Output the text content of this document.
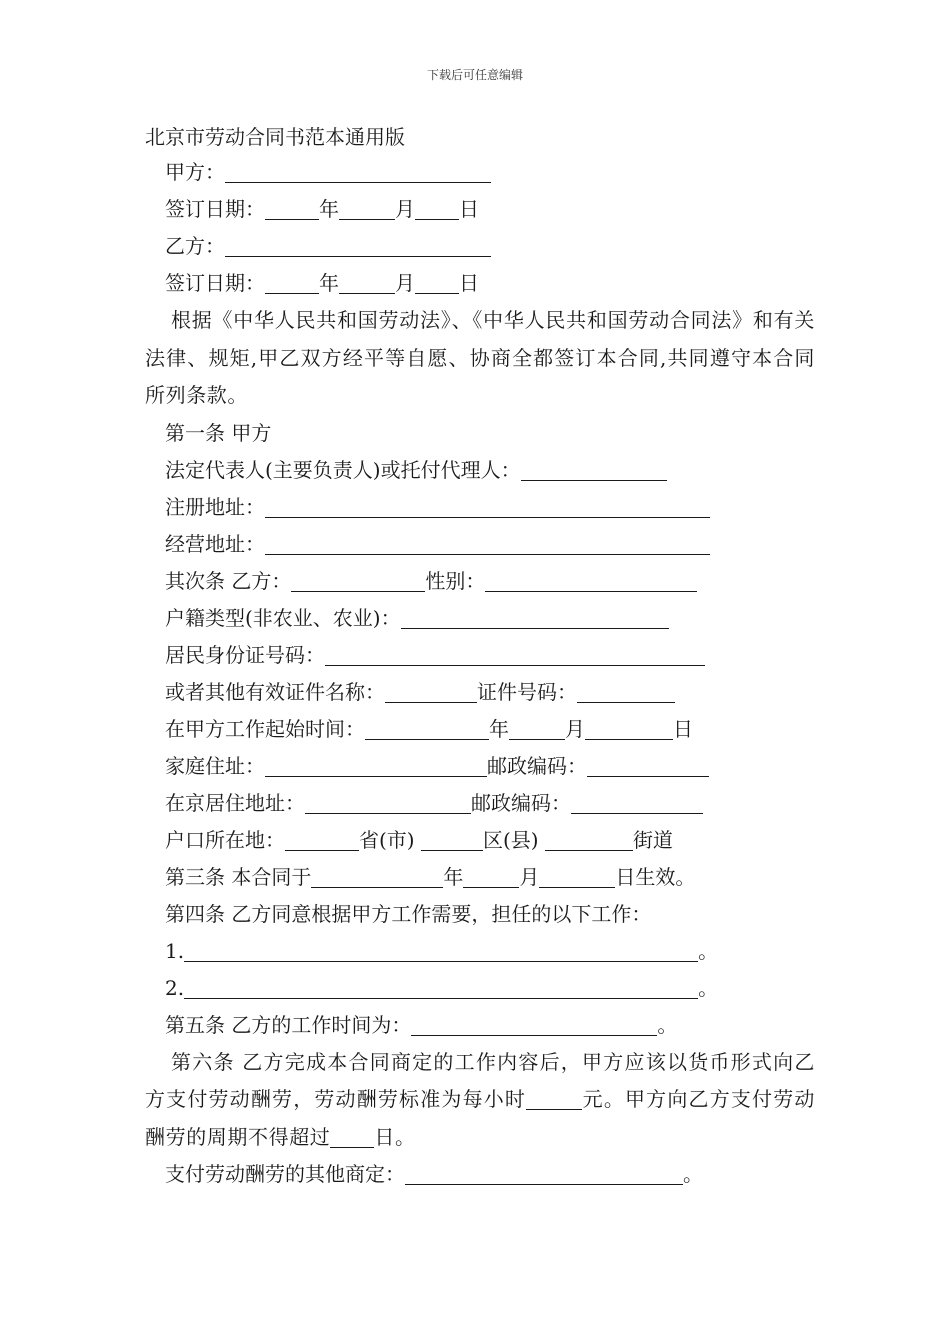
下载后可任意编辑
北京市劳动合同书范本通用版
甲方：
签订日期：	年	月 日
乙方：
签订日期：	年	月 日

根据《中华人民共和国劳动法》、《中华人民共和国劳动合同法》和有关法律、规矩,甲乙双方经平等自愿、协商全都签订本合同,共同遵守本合同所列条款。

第一条 甲方
法定代表人(主要负责人)或托付代理人：
注册地址：
经营地址：
其次条 乙方：	性别：
户籍类型(非农业、农业)：
居民身份证号码：
或者其他有效证件名称：	证件号码：
在甲方工作起始时间：	年	月	日
家庭住址：	邮政编码：
在京居住地址：	邮政编码：
户口所在地：	省(市)	区(县)	街道
第三条 本合同于	年	月	日生效。
第四条 乙方同意根据甲方工作需要，担任的以下工作：
1.	。
2.	。
第五条 乙方的工作时间为：	。

第六条 乙方完成本合同商定的工作内容后，甲方应该以货币形式向乙方支付劳动酬劳，劳动酬劳标准为每小时	元。甲方向乙方支付劳动酬劳的周期不得超过 日。

支付劳动酬劳的其他商定：	。
